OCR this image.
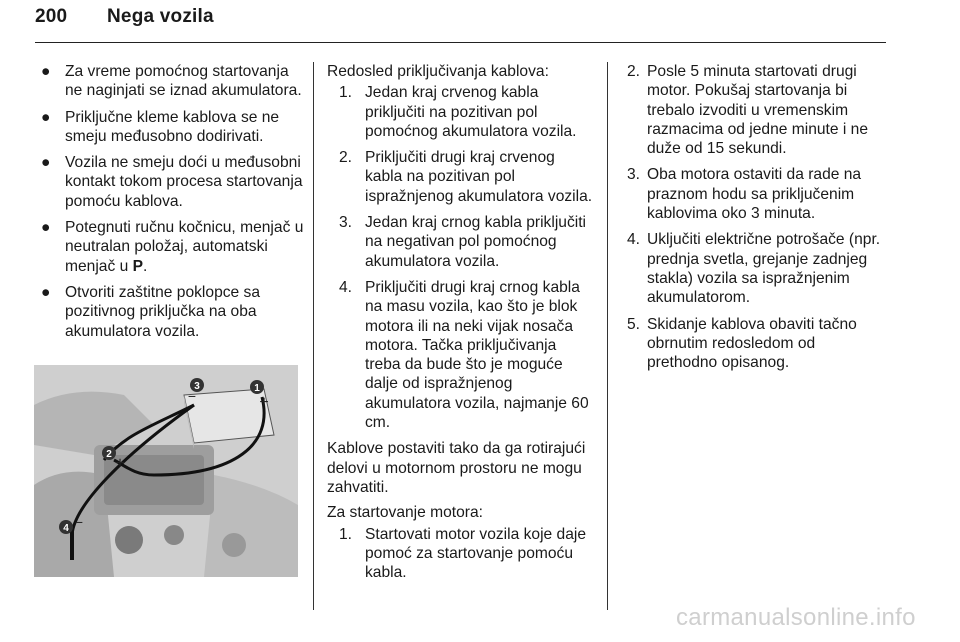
200 Nega vozila
● Za vreme pomoćnog startovanja ne naginjati se iznad akumulatora.
● Priključne kleme kablova se ne smeju međusobno dodirivati.
● Vozila ne smeju doći u međusobni kontakt tokom procesa startovanja pomoću kablova.
● Potegnuti ručnu kočnicu, menjač u neutralan položaj, automatski menjač u P.
● Otvoriti zaštitne poklopce sa pozitivnog priključka na oba akumulatora vozila.
3
−	1
+
2
+
4 −
Redosled priključivanja kablova:
1. Jedan kraj crvenog kabla priključiti na pozitivan pol pomoćnog akumulatora vozila.
2. Priključiti drugi kraj crvenog kabla na pozitivan pol ispražnjenog akumulatora vozila.
3. Jedan kraj crnog kabla priključiti na negativan pol pomoćnog akumulatora vozila.
4. Priključiti drugi kraj crnog kabla na masu vozila, kao što je blok motora ili na neki vijak nosača motora. Tačka priključivanja treba da bude što je moguće dalje od ispražnjenog akumulatora vozila, najmanje 60 cm.
Kablove postaviti tako da ga rotirajući delovi u motornom prostoru ne mogu zahvatiti.
Za startovanje motora:
1. Startovati motor vozila koje daje pomoć za startovanje pomoću kabla.
2. Posle 5 minuta startovati drugi motor. Pokušaj startovanja bi trebalo izvoditi u vremenskim razmacima od jedne minute i ne duže od 15 sekundi.
3. Oba motora ostaviti da rade na praznom hodu sa priključenim kablovima oko 3 minuta.
4. Uključiti električne potrošače (npr. prednja svetla, grejanje zadnjeg stakla) vozila sa ispražnjenim akumulatorom.
5. Skidanje kablova obaviti tačno obrnutim redosledom od prethodno opisanog.
carmanualsonline.info
